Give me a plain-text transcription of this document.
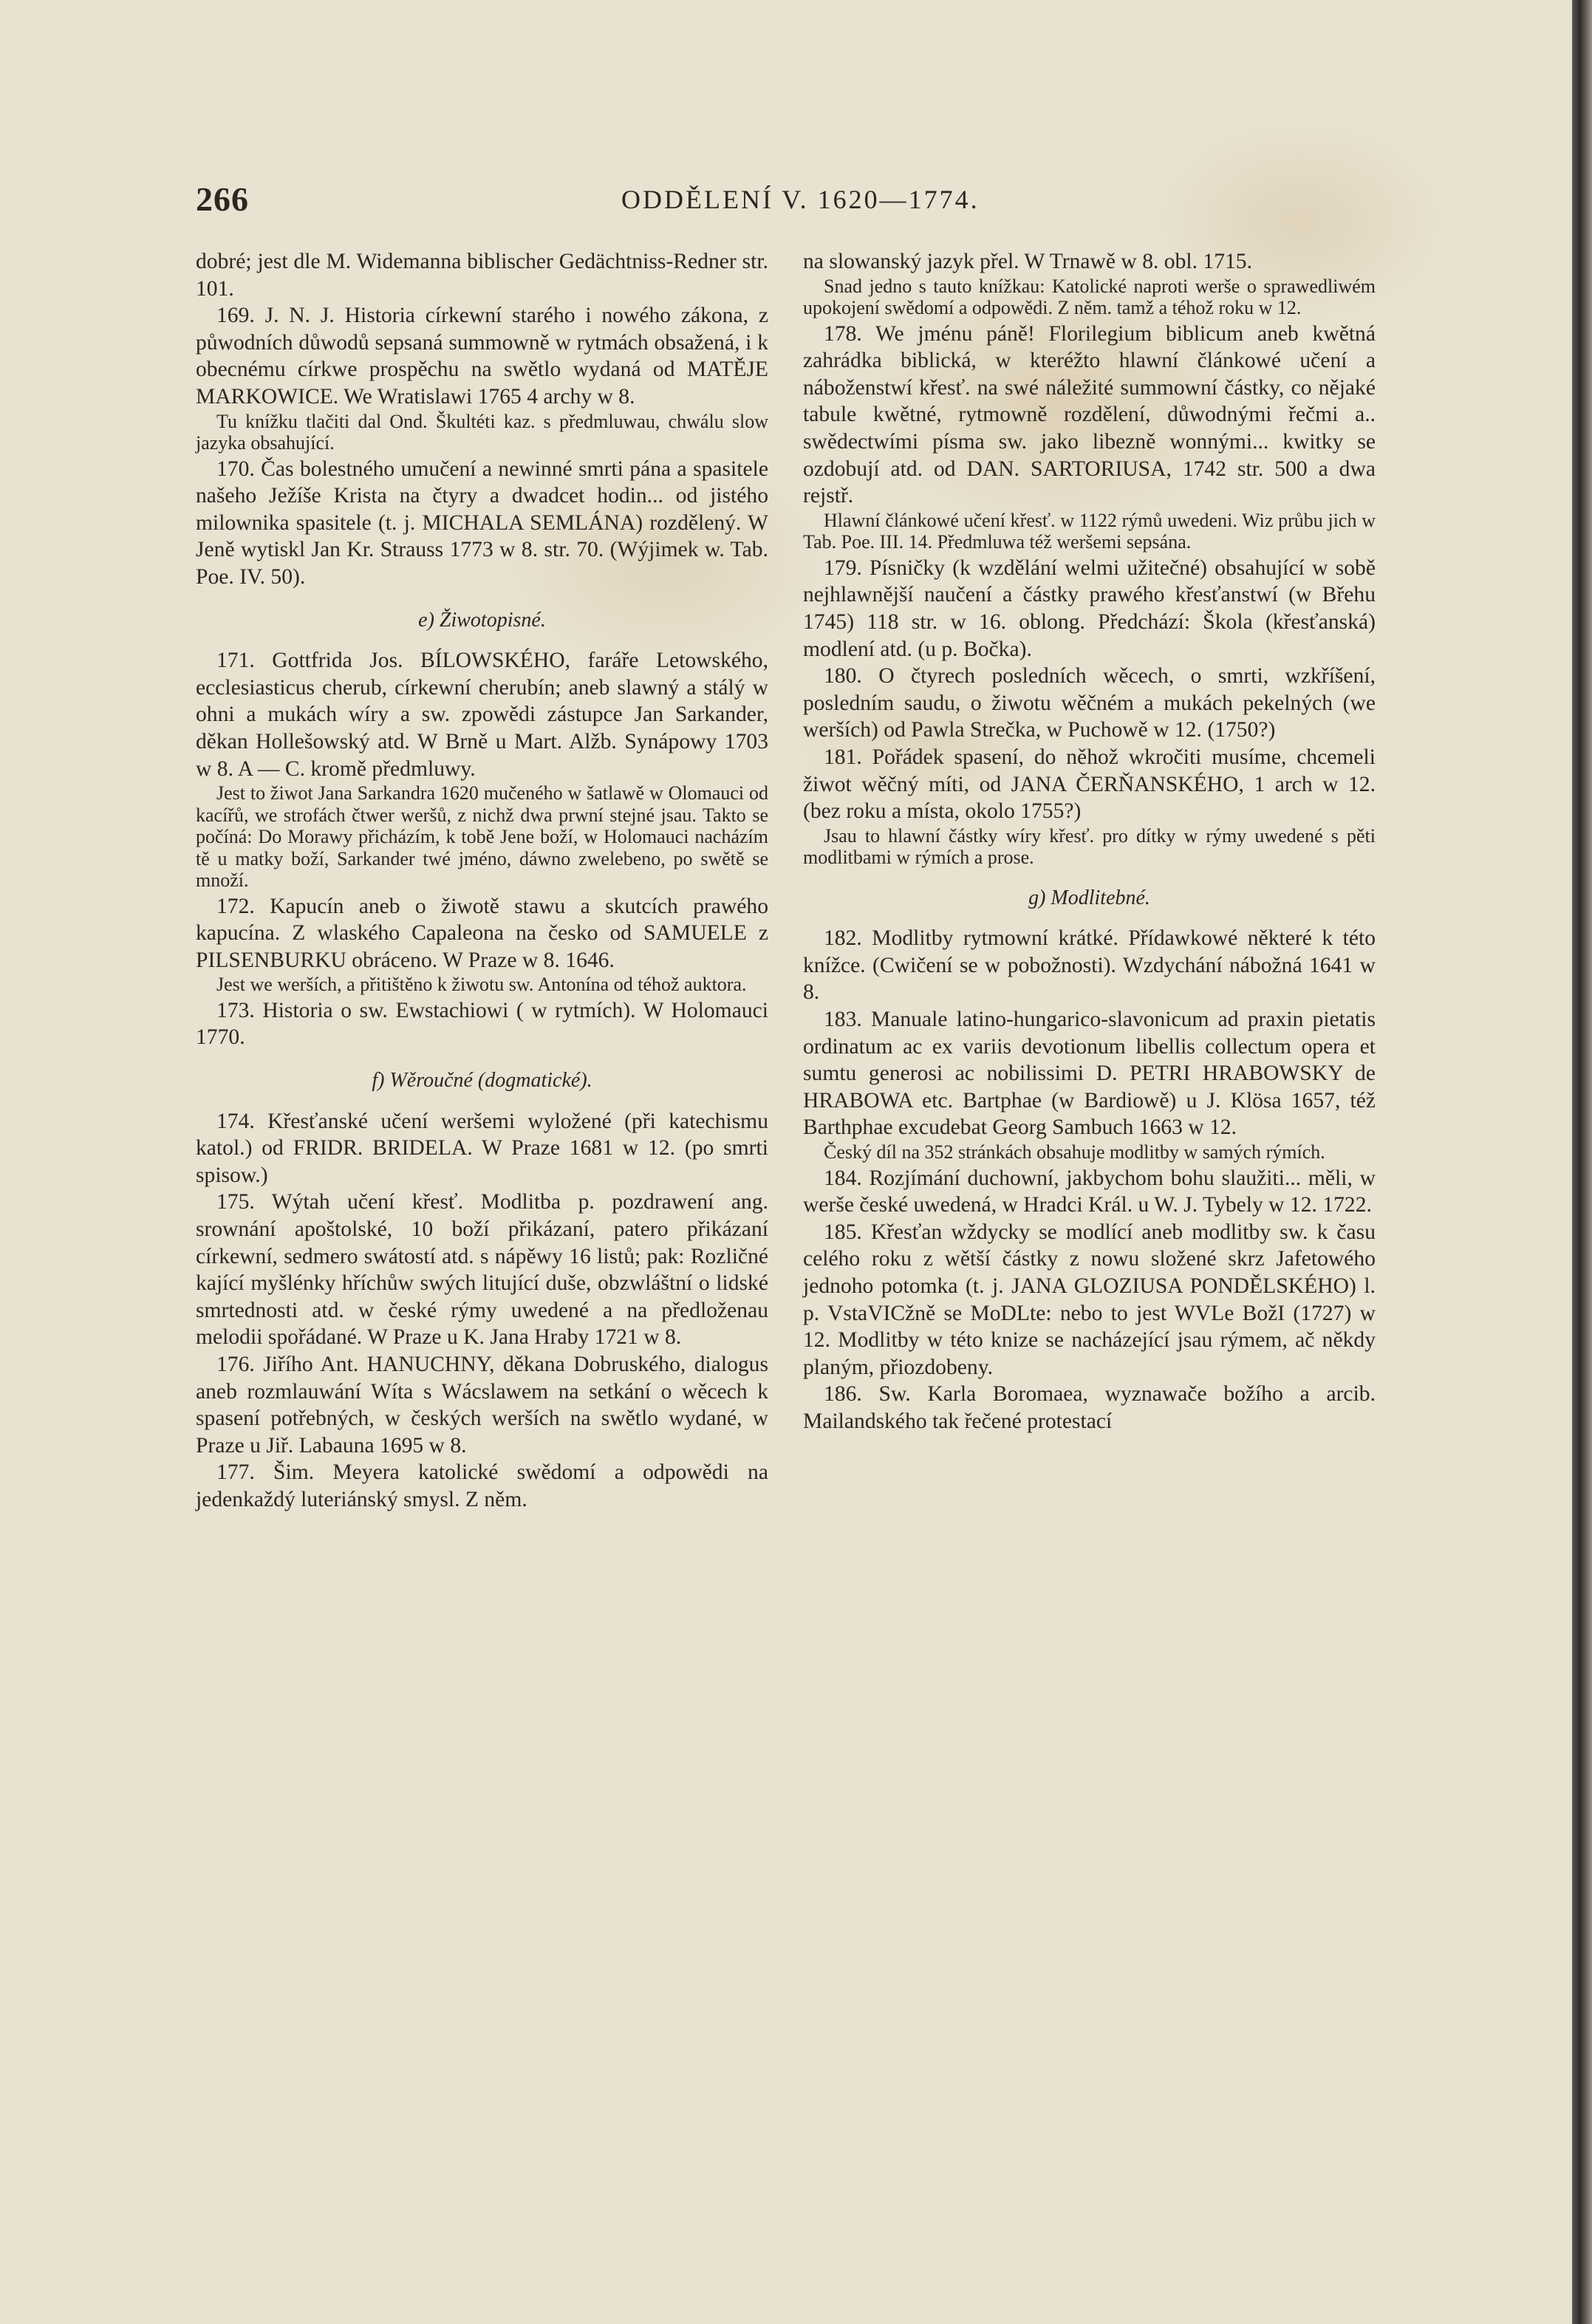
266	ODDĚLENÍ V. 1620—1774.

dobré; jest dle M. Widemanna biblischer Gedächtniss-Redner str. 101.

169. J. N. J. Historia církewní starého i nowého zákona, z půwodních důwodů sepsaná summowně w rytmách obsažená, i k obecnému církwe prospěchu na swětlo wydaná od MATĚJE MARKOWICE. We Wratislawi 1765 4 archy w 8.

Tu knížku tlačiti dal Ond. Škultéti kaz. s předmluwau, chwálu slow jazyka obsahující.

170. Čas bolestného umučení a newinné smrti pána a spasitele našeho Ježíše Krista na čtyry a dwadcet hodin... od jistého milownika spasitele (t. j. MICHALA SEMLÁNA) rozdělený. W Jeně wytiskl Jan Kr. Strauss 1773 w 8. str. 70. (Wýjimek w. Tab. Poe. IV. 50).

e) Žiwotopisné.

171. Gottfrida Jos. BÍLOWSKÉHO, faráře Letowského, ecclesiasticus cherub, církewní cherubín; aneb slawný a stálý w ohni a mukách wíry a sw. zpowědi zástupce Jan Sarkander, děkan Hollešowský atd. W Brně u Mart. Alžb. Synápowy 1703 w 8. A — C. kromě předmluwy.

Jest to žiwot Jana Sarkandra 1620 mučeného w šatlawě w Olomauci od kacířů, we strofách čtwer weršů, z nichž dwa prwní stejné jsau. Takto se počíná: Do Morawy přicházím, k tobě Jene boží, w Holomauci nacházím tě u matky boží, Sarkander twé jméno, dáwno zwelebeno, po swětě se množí.

172. Kapucín aneb o žiwotě stawu a skutcích prawého kapucína. Z wlaského Capaleona na česko od SAMUELE z PILSENBURKU obráceno. W Praze w 8. 1646.

Jest we werších, a přitištěno k žiwotu sw. Antonína od téhož auktora.

173. Historia o sw. Ewstachiowi ( w rytmích). W Holomauci 1770.

f) Wěroučné (dogmatické).

174. Křesťanské učení weršemi wyložené (při katechismu katol.) od FRIDR. BRIDELA. W Praze 1681 w 12. (po smrti spisow.)

175. Wýtah učení křesť. Modlitba p. pozdrawení ang. srownání apoštolské, 10 boží přikázaní, patero přikázaní církewní, sedmero swátostí atd. s nápěwy 16 listů; pak: Rozličné kající myšlénky hříchůw swých litující duše, obzwláštní o lidské smrtednosti atd. w české rýmy uwedené a na předloženau melodii spořádané. W Praze u K. Jana Hraby 1721 w 8.

176. Jiřího Ant. HANUCHNY, děkana Dobruského, dialogus aneb rozmlauwání Wíta s Wácslawem na setkání o wěcech k spasení potřebných, w českých werších na swětlo wydané, w Praze u Jiř. Labauna 1695 w 8.

177. Šim. Meyera katolické swědomí a odpowědi na jedenkaždý luteriánský smysl. Z něm.

na slowanský jazyk přel. W Trnawě w 8. obl. 1715.

Snad jedno s tauto knížkau: Katolické naproti werše o sprawedliwém upokojení swědomí a odpowědi. Z něm. tamž a téhož roku w 12.

178. We jménu páně! Florilegium biblicum aneb kwětná zahrádka biblická, w kteréžto hlawní článkowé učení a náboženstwí křesť. na swé náležité summowní částky, co nějaké tabule kwětné, rytmowně rozdělení, důwodnými řečmi a.. swědectwími písma sw. jako libezně wonnými... kwitky se ozdobují atd. od DAN. SARTORIUSA, 1742 str. 500 a dwa rejstř.

Hlawní článkowé učení křesť. w 1122 rýmů uwedeni. Wiz průbu jich w Tab. Poe. III. 14. Předmluwa též weršemi sepsána.

179. Písničky (k wzdělání welmi užitečné) obsahující w sobě nejhlawnější naučení a částky prawého křesťanstwí (w Břehu 1745) 118 str. w 16. oblong. Předchází: Škola (křesťanská) modlení atd. (u p. Bočka).

180. O čtyrech posledních wěcech, o smrti, wzkříšení, posledním saudu, o žiwotu wěčném a mukách pekelných (we werších) od Pawla Strečka, w Puchowě w 12. (1750?)

181. Pořádek spasení, do něhož wkročiti musíme, chcemeli žiwot wěčný míti, od JANA ČERŇANSKÉHO, 1 arch w 12. (bez roku a místa, okolo 1755?)

Jsau to hlawní částky wíry křesť. pro dítky w rýmy uwedené s pěti modlitbami w rýmích a prose.

g) Modlitebné.

182. Modlitby rytmowní krátké. Přídawkowé některé k této knížce. (Cwičení se w pobožnosti). Wzdychání nábožná 1641 w 8.

183. Manuale latino-hungarico-slavonicum ad praxin pietatis ordinatum ac ex variis devotionum libellis collectum opera et sumtu generosi ac nobilissimi D. PETRI HRABOWSKY de HRABOWA etc. Bartphae (w Bardiowě) u J. Klösa 1657, též Barthphae excudebat Georg Sambuch 1663 w 12.

Český díl na 352 stránkách obsahuje modlitby w samých rýmích.

184. Rozjímání duchowní, jakbychom bohu slaužiti... měli, w werše české uwedená, w Hradci Král. u W. J. Tybely w 12. 1722.

185. Křesťan wždycky se modlící aneb modlitby sw. k času celého roku z wětší částky z nowu složené skrz Jafetowého jednoho potomka (t. j. JANA GLOZIUSA PONDĚLSKÉHO) l. p. VstaVICžně se MoDLte: nebo to jest WVLe BožI (1727) w 12. Modlitby w této knize se nacházející jsau rýmem, ač někdy planým, přiozdobeny.

186. Sw. Karla Boromaea, wyznawače božího a arcib. Mailandského tak řečené protestací
